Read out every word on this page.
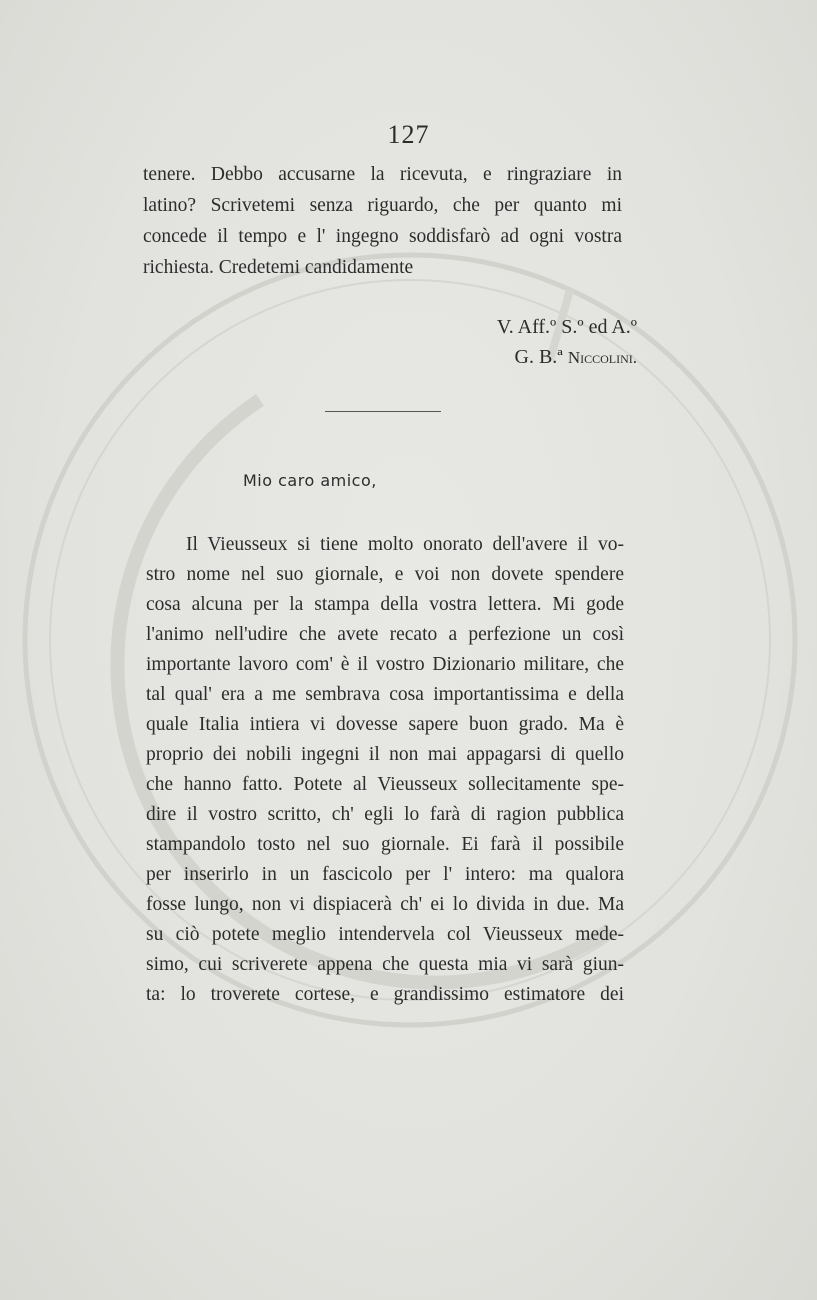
127
tenere. Debbo accusarne la ricevuta, e ringraziare in
latino? Scrivetemi senza riguardo, che per quanto mi
concede il tempo e l' ingegno soddisfarò ad ogni vostra
richiesta. Credetemi candidamente
V. Aff.º S.º ed A.º
G. B.ª Niccolini.
Mio caro amico,
Il Vieusseux si tiene molto onorato dell'avere il vo-
stro nome nel suo giornale, e voi non dovete spendere
cosa alcuna per la stampa della vostra lettera. Mi gode
l'animo nell'udire che avete recato a perfezione un così
importante lavoro com' è il vostro Dizionario militare, che
tal qual' era a me sembrava cosa importantissima e della
quale Italia intiera vi dovesse sapere buon grado. Ma è
proprio dei nobili ingegni il non mai appagarsi di quello
che hanno fatto. Potete al Vieusseux sollecitamente spe-
dire il vostro scritto, ch' egli lo farà di ragion pubblica
stampandolo tosto nel suo giornale. Ei farà il possibile
per inserirlo in un fascicolo per l' intero: ma qualora
fosse lungo, non vi dispiacerà ch' ei lo divida in due. Ma
su ciò potete meglio intendervela col Vieusseux mede-
simo, cui scriverete appena che questa mia vi sarà giun-
ta: lo troverete cortese, e grandissimo estimatore dei
